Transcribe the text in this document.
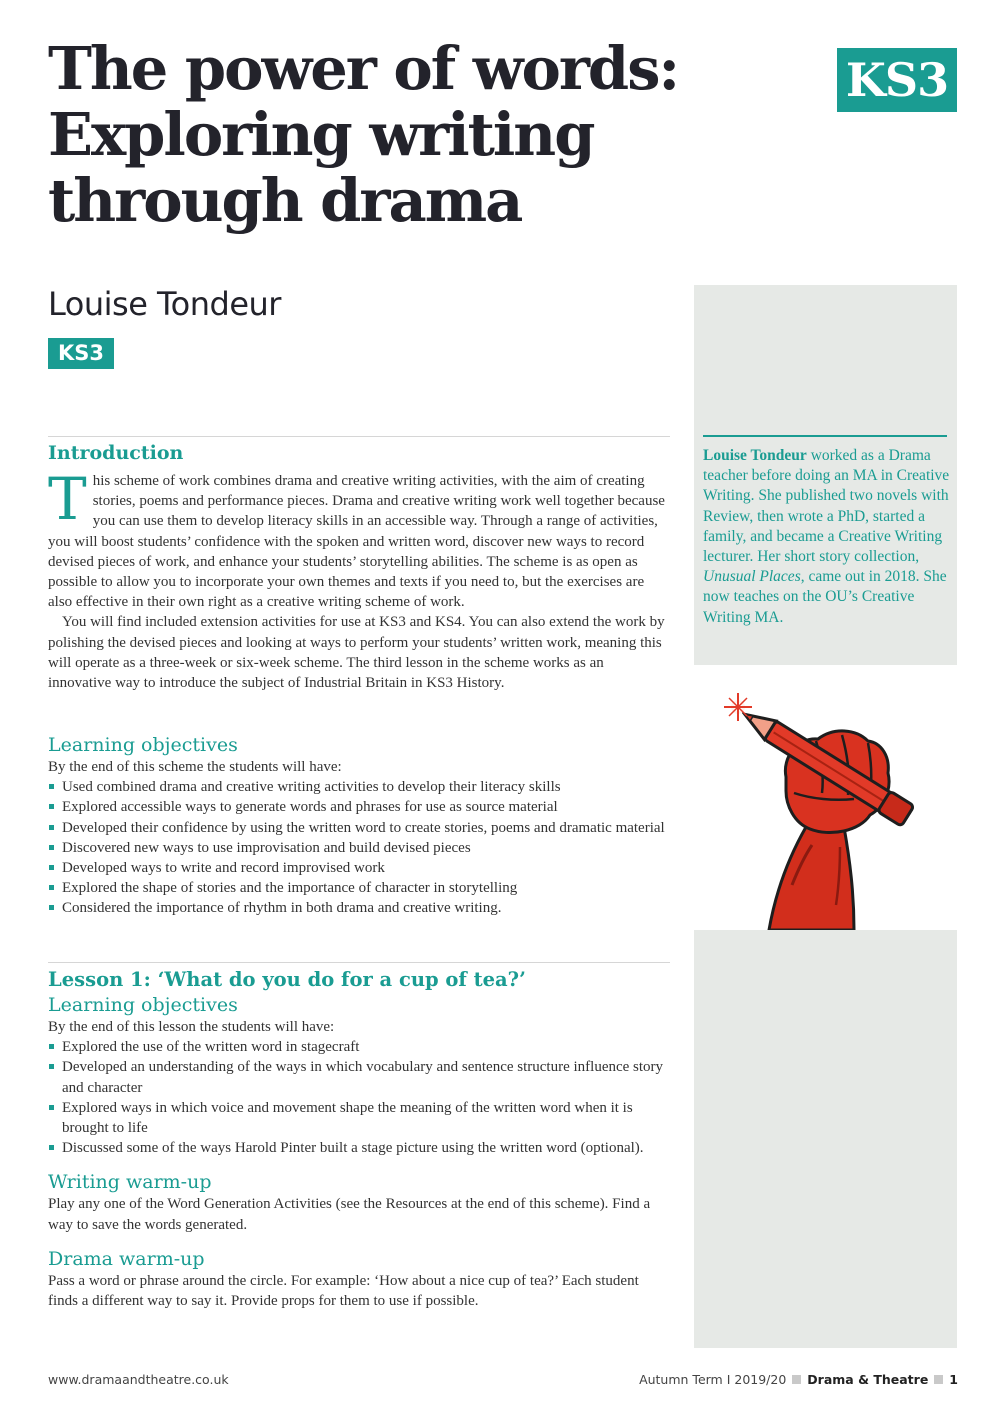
The power of words:
Exploring writing
through drama
KS3
Louise Tondeur
KS3
Louise Tondeur worked as a Drama teacher before doing an MA in Creative Writing. She published two novels with Review, then wrote a PhD, started a family, and became a Creative Writing lecturer. Her short story collection, Unusual Places, came out in 2018. She now teaches on the OU’s Creative Writing MA.
Introduction
This scheme of work combines drama and creative writing activities, with the aim of creating stories, poems and performance pieces. Drama and creative writing work well together because you can use them to develop literacy skills in an accessible way. Through a range of activities, you will boost students’ confidence with the spoken and written word, discover new ways to record devised pieces of work, and enhance your students’ storytelling abilities. The scheme is as open as possible to allow you to incorporate your own themes and texts if you need to, but the exercises are also effective in their own right as a creative writing scheme of work.
You will find included extension activities for use at KS3 and KS4. You can also extend the work by polishing the devised pieces and looking at ways to perform your students’ written work, meaning this will operate as a three-week or six-week scheme. The third lesson in the scheme works as an innovative way to introduce the subject of Industrial Britain in KS3 History.
Learning objectives
By the end of this scheme the students will have:
Used combined drama and creative writing activities to develop their literacy skills
Explored accessible ways to generate words and phrases for use as source material
Developed their confidence by using the written word to create stories, poems and dramatic material
Discovered new ways to use improvisation and build devised pieces
Developed ways to write and record improvised work
Explored the shape of stories and the importance of character in storytelling
Considered the importance of rhythm in both drama and creative writing.
Lesson 1: ‘What do you do for a cup of tea?’
Learning objectives
By the end of this lesson the students will have:
Explored the use of the written word in stagecraft
Developed an understanding of the ways in which vocabulary and sentence structure influence story and character
Explored ways in which voice and movement shape the meaning of the written word when it is brought to life
Discussed some of the ways Harold Pinter built a stage picture using the written word (optional).
Writing warm-up
Play any one of the Word Generation Activities (see the Resources at the end of this scheme). Find a way to save the words generated.
Drama warm-up
Pass a word or phrase around the circle. For example: ‘How about a nice cup of tea?’ Each student finds a different way to say it. Provide props for them to use if possible.
www.dramaandtheatre.co.uk	Autumn Term I 2019/20 Drama & Theatre 1
